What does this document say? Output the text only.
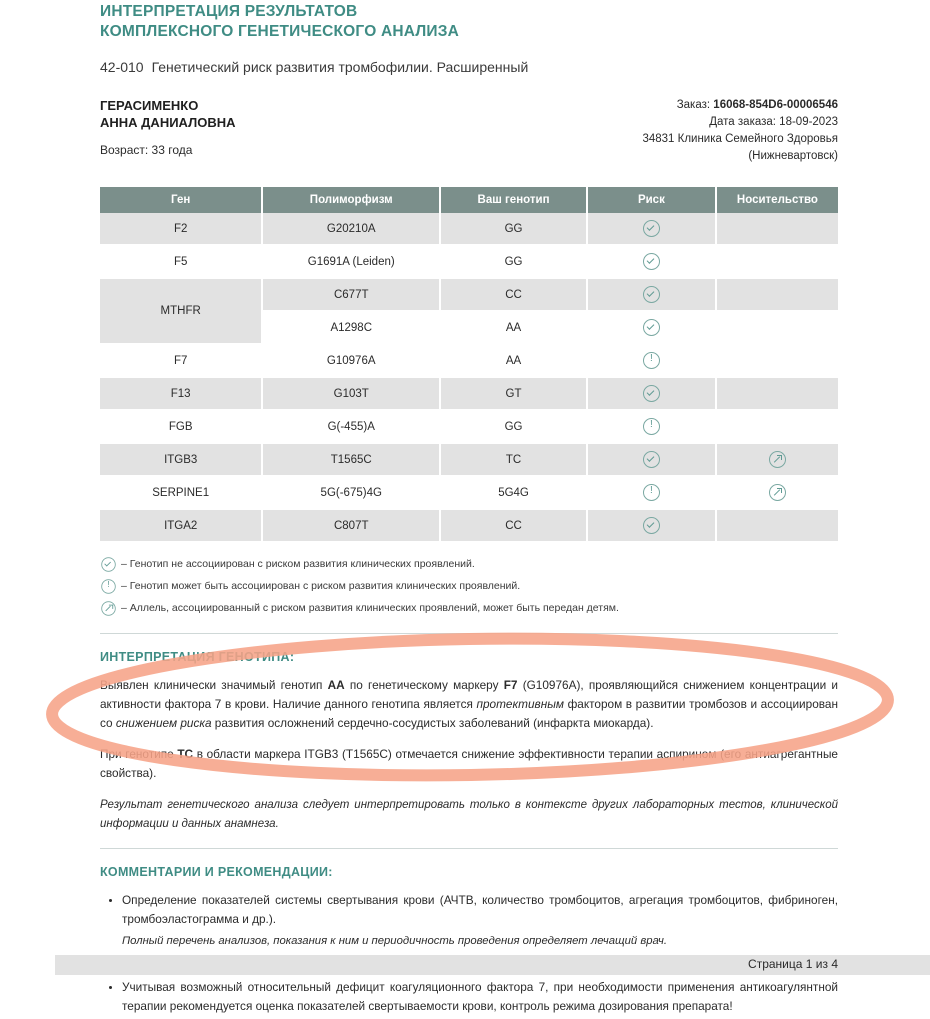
ИНТЕРПРЕТАЦИЯ РЕЗУЛЬТАТОВ
КОМПЛЕКСНОГО ГЕНЕТИЧЕСКОГО АНАЛИЗА
42-010 Генетический риск развития тромбофилии. Расширенный
ГЕРАСИМЕНКО
АННА ДАНИАЛОВНА
Возраст: 33 года
Заказ: 16068-854D6-00006546
Дата заказа: 18-09-2023
34831 Клиника Семейного Здоровья
(Нижневартовск)
Ген	Полиморфизм	Ваш генотип	Риск	Носительство
F2	G20210A	GG		
F5	G1691A (Leiden)	GG		
MTHFR	C677T	CC		
	A1298C	AA		
F7	G10976A	AA	!	
F13	G103T	GT		
FGB	G(-455)A	GG	!	
ITGB3	T1565C	TC		
SERPINE1	5G(-675)4G	5G4G	!	
ITGA2	C807T	CC		
– Генотип не ассоциирован с риском развития клинических проявлений.
!– Генотип может быть ассоциирован с риском развития клинических проявлений.
– Аллель, ассоциированный с риском развития клинических проявлений, может быть передан детям.
ИНТЕРПРЕТАЦИЯ ГЕНОТИПА:
Выявлен клинически значимый генотип АА по генетическому маркеру F7 (G10976A), проявляющийся снижением концентрации и активности фактора 7 в крови. Наличие данного генотипа является протективным фактором в развитии тромбозов и ассоциирован со снижением риска развития осложнений сердечно-сосудистых заболеваний (инфаркта миокарда).
При генотипе TC в области маркера ITGB3 (T1565C) отмечается снижение эффективности терапии аспирином (его антиагрегантные свойства).
Результат генетического анализа следует интерпретировать только в контексте других лабораторных тестов, клинической информации и данных анамнеза.
КОММЕНТАРИИ И РЕКОМЕНДАЦИИ:
• Определение показателей системы свертывания крови (АЧТВ, количество тромбоцитов, агрегация тромбоцитов, фибриноген, тромбоэластограмма и др.).
Полный перечень анализов, показания к ним и периодичность проведения определяет лечащий врач.
•
• Учитывая возможный относительный дефицит коагуляционного фактора 7, при необходимости применения антикоагулянтной терапии рекомендуется оценка показателей свертываемости крови, контроль режима дозирования препарата!
Страница 1 из 4
